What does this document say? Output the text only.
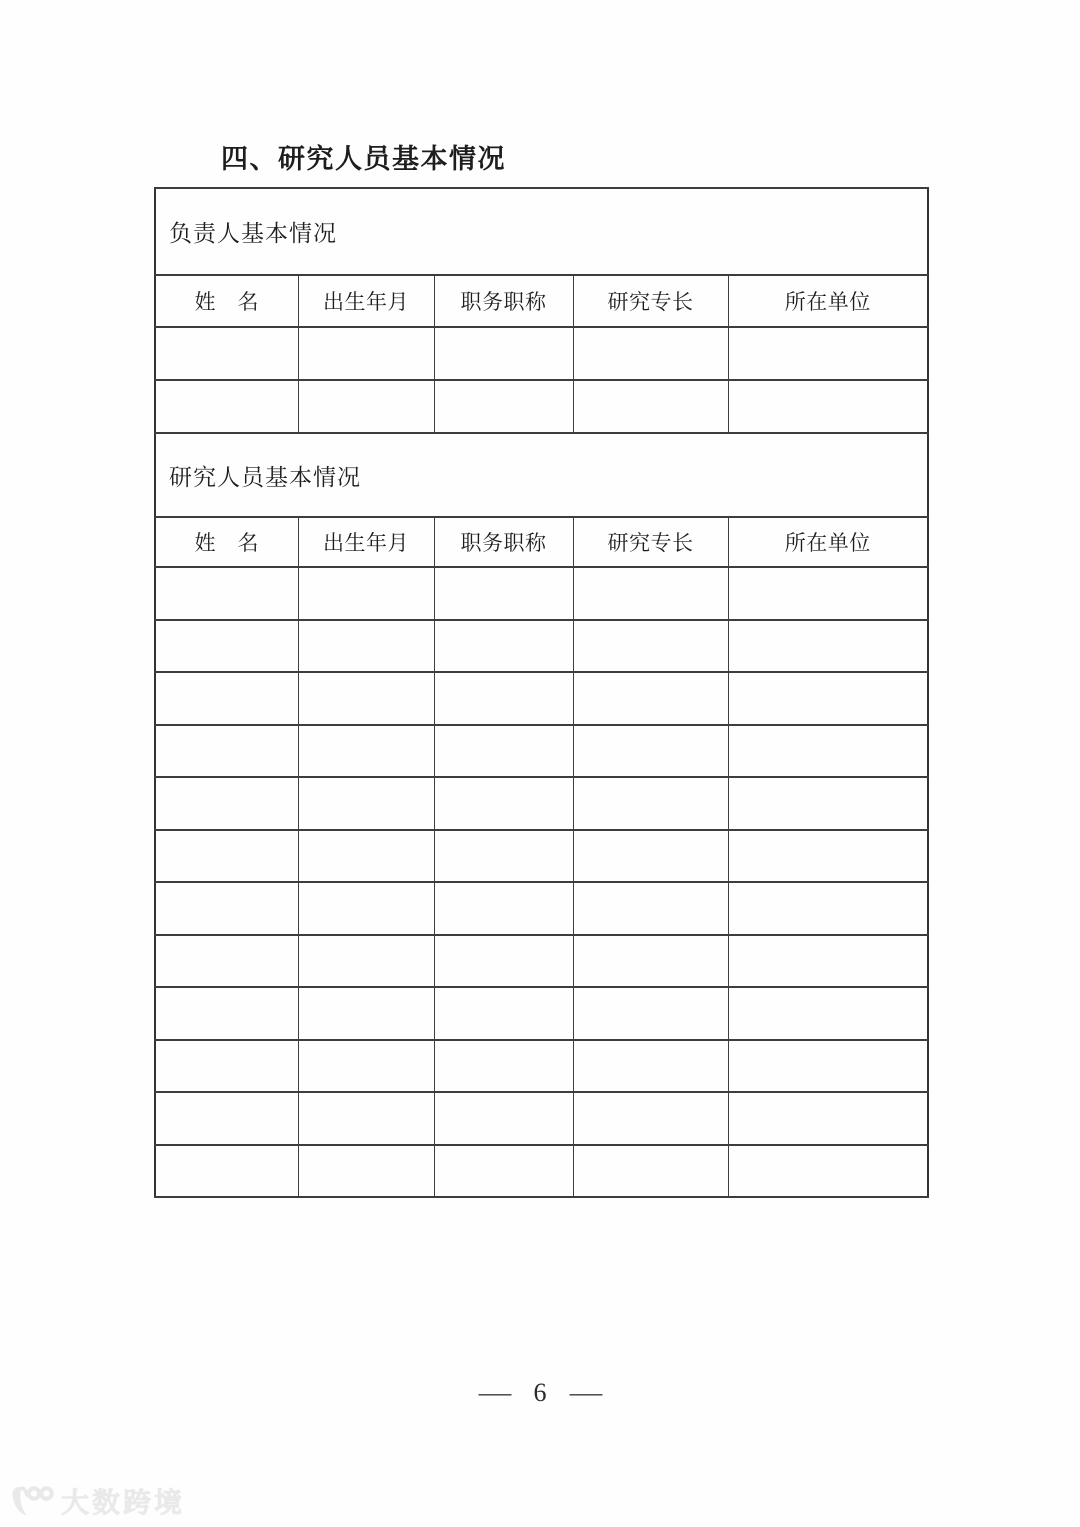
四、研究人员基本情况
负责人基本情况				
姓　名	出生年月	职务职称	研究专长	所在单位

研究人员基本情况				
姓　名	出生年月	职务职称	研究专长	所在单位

— 6 —
大数跨境
